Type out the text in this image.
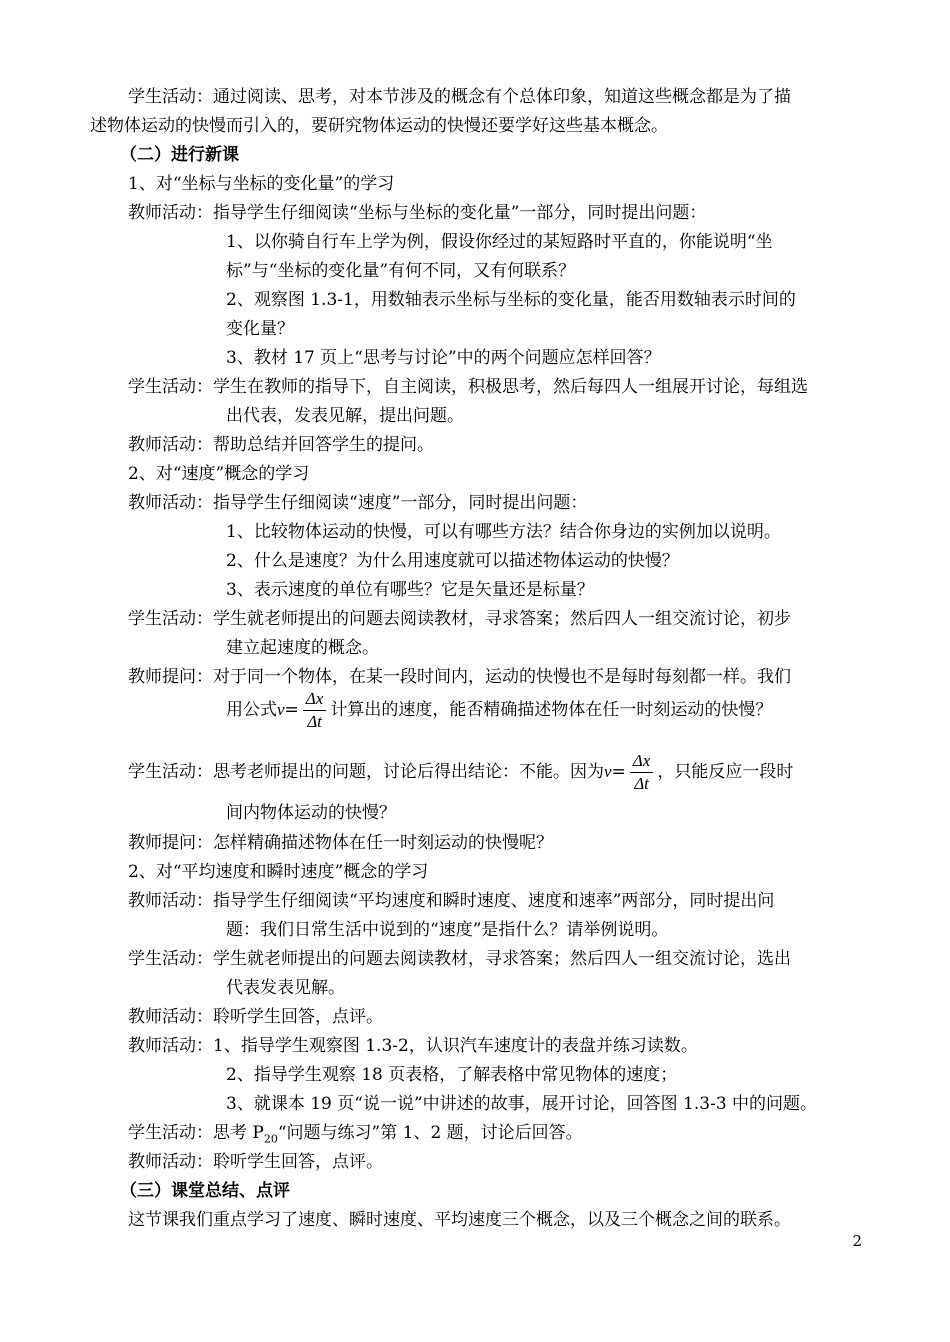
学生活动：通过阅读、思考，对本节涉及的概念有个总体印象，知道这些概念都是为了描
述物体运动的快慢而引入的，要研究物体运动的快慢还要学好这些基本概念。
（二）进行新课
1、对“坐标与坐标的变化量”的学习
教师活动：指导学生仔细阅读“坐标与坐标的变化量”一部分，同时提出问题：
1、以你骑自行车上学为例，假设你经过的某短路时平直的，你能说明“坐
标”与“坐标的变化量”有何不同，又有何联系？
2、观察图 1.3-1，用数轴表示坐标与坐标的变化量，能否用数轴表示时间的
变化量？
3、教材 17 页上“思考与讨论”中的两个问题应怎样回答？
学生活动：学生在教师的指导下，自主阅读，积极思考，然后每四人一组展开讨论，每组选
出代表，发表见解，提出问题。
教师活动：帮助总结并回答学生的提问。
2、对“速度”概念的学习
教师活动：指导学生仔细阅读“速度”一部分，同时提出问题：
1、比较物体运动的快慢，可以有哪些方法？结合你身边的实例加以说明。
2、什么是速度？为什么用速度就可以描述物体运动的快慢？
3、表示速度的单位有哪些？它是矢量还是标量？
学生活动：学生就老师提出的问题去阅读教材，寻求答案；然后四人一组交流讨论，初步
建立起速度的概念。
教师提问：对于同一个物体，在某一段时间内，运动的快慢也不是每时每刻都一样。我们
用公式$v= \frac{\Delta x}{\Delta t}$ 计算出的速度，能否精确描述物体在任一时刻运动的快慢？
学生活动：思考老师提出的问题，讨论后得出结论：不能。因为$v= \frac{\Delta x}{\Delta t}$ ，只能反应一段时
间内物体运动的快慢？
教师提问：怎样精确描述物体在任一时刻运动的快慢呢？
2、对“平均速度和瞬时速度”概念的学习
教师活动：指导学生仔细阅读“平均速度和瞬时速度、速度和速率”两部分，同时提出问
题：我们日常生活中说到的“速度”是指什么？请举例说明。
学生活动：学生就老师提出的问题去阅读教材，寻求答案；然后四人一组交流讨论，选出
代表发表见解。
教师活动：聆听学生回答，点评。
教师活动：1、指导学生观察图 1.3-2，认识汽车速度计的表盘并练习读数。
2、指导学生观察 18 页表格，了解表格中常见物体的速度；
3、就课本 19 页“说一说”中讲述的故事，展开讨论，回答图 1.3-3 中的问题。
学生活动：思考 $P_{20}“$问题与练习”第 1、2 题，讨论后回答。
教师活动：聆听学生回答，点评。
（三）课堂总结、点评
这节课我们重点学习了速度、瞬时速度、平均速度三个概念，以及三个概念之间的联系。
2
